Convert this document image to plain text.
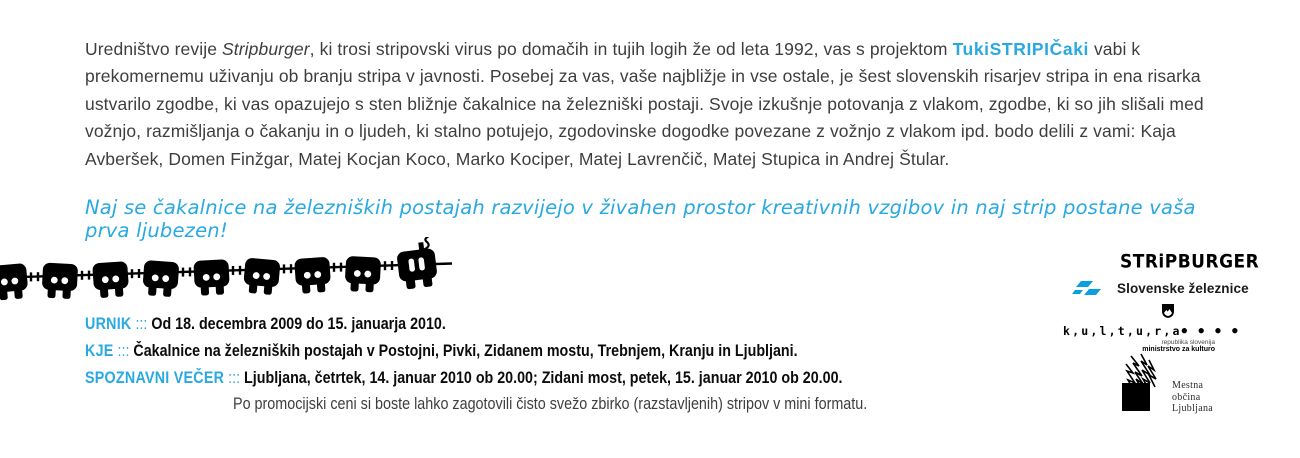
Uredništvo revije Stripburger, ki trosi stripovski virus po domačih in tujih logih že od leta 1992, vas s projektom TukiSTRIPIČaki vabi k prekomernemu uživanju ob branju stripa v javnosti. Posebej za vas, vaše najbližje in vse ostale, je šest slovenskih risarjev stripa in ena risarka ustvarilo zgodbe, ki vas opazujejo s sten bližnje čakalnice na železniški postaji. Svoje izkušnje potovanja z vlakom, zgodbe, ki so jih slišali med vožnjo, razmišljanja o čakanju in o ljudeh, ki stalno potujejo, zgodovinske dogodke povezane z vožnjo z vlakom ipd. bodo delili z vami: Kaja Avberšek, Domen Finžgar, Matej Kocjan Koco, Marko Kociper, Matej Lavrenčič, Matej Stupica in Andrej Štular.

Naj se čakalnice na železniških postajah razvijejo v živahen prostor kreativnih vzgibov in naj strip postane vaša prva ljubezen!

STRiPBURGER
Slovenske železnice
k,u,l,t,u,r,a● ● ● ●
republika slovenija
ministrstvo za kulturo
Mestna občina
Ljubljana
URNIK ::: Od 18. decembra 2009 do 15. januarja 2010.
KJE ::: Čakalnice na železniških postajah v Postojni, Pivki, Zidanem mostu, Trebnjem, Kranju in Ljubljani.
SPOZNAVNI VEČER ::: Ljubljana, četrtek, 14. januar 2010 ob 20.00; Zidani most, petek, 15. januar 2010 ob 20.00.
Po promocijski ceni si boste lahko zagotovili čisto svežo zbirko (razstavljenih) stripov v mini formatu.
